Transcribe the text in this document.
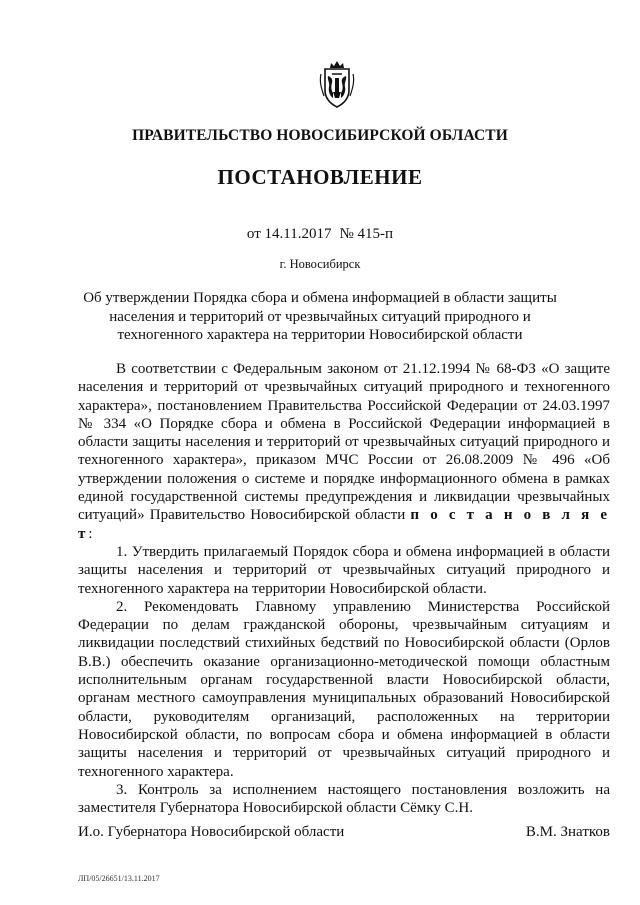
ПРАВИТЕЛЬСТВО НОВОСИБИРСКОЙ ОБЛАСТИ
ПОСТАНОВЛЕНИЕ
от 14.11.2017 № 415-п
г. Новосибирск
Об утверждении Порядка сбора и обмена информацией в области защиты населения и территорий от чрезвычайных ситуаций природного и техногенного характера на территории Новосибирской области

В соответствии с Федеральным законом от 21.12.1994 № 68-ФЗ «О защите населения и территорий от чрезвычайных ситуаций природного и техногенного характера», постановлением Правительства Российской Федерации от 24.03.1997 № 334 «О Порядке сбора и обмена в Российской Федерации информацией в области защиты населения и территорий от чрезвычайных ситуаций природного и техногенного характера», приказом МЧС России от 26.08.2009 № 496 «Об утверждении положения о системе и порядке информационного обмена в рамках единой государственной системы предупреждения и ликвидации чрезвычайных ситуаций» Правительство Новосибирской области п о с т а н о в л я е т:

1. Утвердить прилагаемый Порядок сбора и обмена информацией в области защиты населения и территорий от чрезвычайных ситуаций природного и техногенного характера на территории Новосибирской области.

2. Рекомендовать Главному управлению Министерства Российской Федерации по делам гражданской обороны, чрезвычайным ситуациям и ликвидации последствий стихийных бедствий по Новосибирской области (Орлов В.В.) обеспечить оказание организационно-методической помощи областным исполнительным органам государственной власти Новосибирской области, органам местного самоуправления муниципальных образований Новосибирской области, руководителям организаций, расположенных на территории Новосибирской области, по вопросам сбора и обмена информацией в области защиты населения и территорий от чрезвычайных ситуаций природного и техногенного характера.

3. Контроль за исполнением настоящего постановления возложить на заместителя Губернатора Новосибирской области Сёмку С.Н.

И.о. Губернатора Новосибирской области	В.М. Знатков
ЛП/05/26651/13.11.2017
